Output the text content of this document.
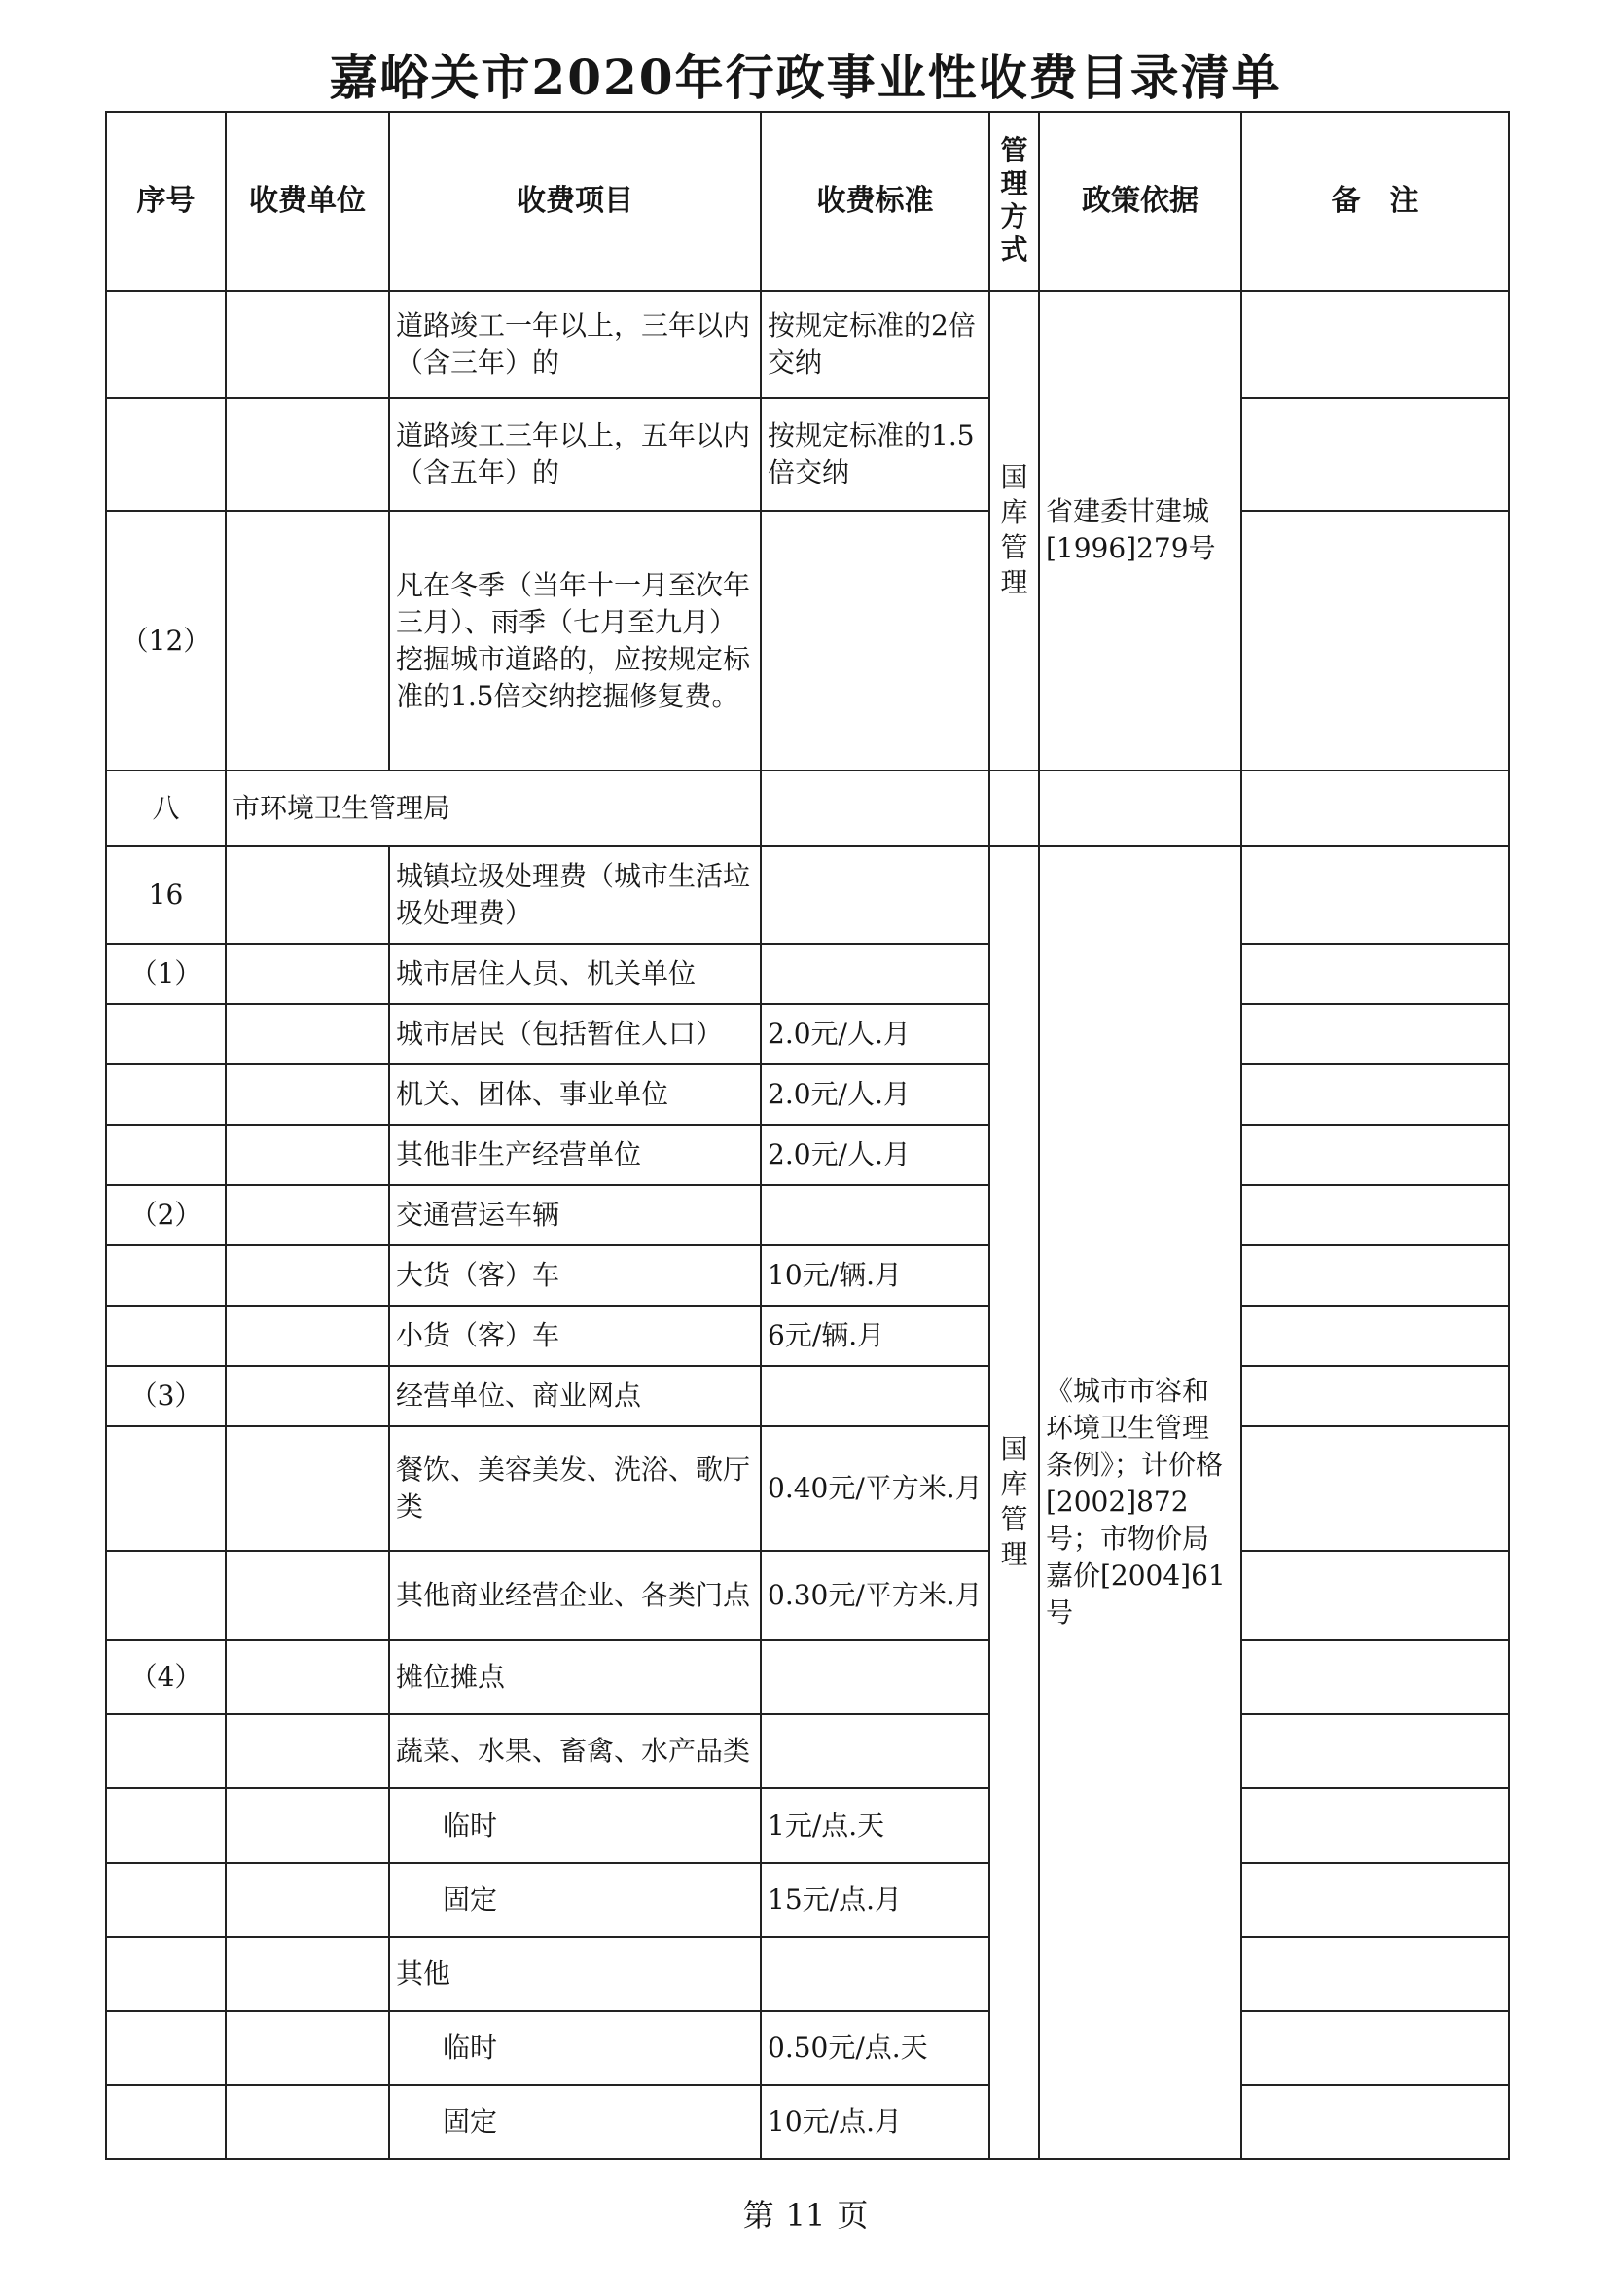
嘉峪关市2020年行政事业性收费目录清单
序号	收费单位	收费项目	收费标准	管理方式	政策依据	备　注
		道路竣工一年以上，三年以内（含三年）的	按规定标准的2倍交纳	国库管理	省建委甘建城[1996]279号	
		道路竣工三年以上，五年以内（含五年）的	按规定标准的1.5倍交纳			
（12）		凡在冬季（当年十一月至次年三月）、雨季（七月至九月）挖掘城市道路的，应按规定标准的1.5倍交纳挖掘修复费。				
八	市环境卫生管理局					
16		城镇垃圾处理费（城市生活垃圾处理费）		国库管理	《城市市容和环境卫生管理条例》；计价格[2002]872号；市物价局嘉价[2004]61号	
（1）		城市居住人员、机关单位				
		城市居民（包括暂住人口）	2.0元/人.月			
		机关、团体、事业单位	2.0元/人.月			
		其他非生产经营单位	2.0元/人.月			
（2）		交通营运车辆				
		大货（客）车	10元/辆.月			
		小货（客）车	6元/辆.月			
（3）		经营单位、商业网点				
		餐饮、美容美发、洗浴、歌厅类	0.40元/平方米.月			
		其他商业经营企业、各类门点	0.30元/平方米.月			
（4）		摊位摊点				
		蔬菜、水果、畜禽、水产品类				
		临时	1元/点.天			
		固定	15元/点.月			
		其他				
		临时	0.50元/点.天			
		固定	10元/点.月			
第 11 页
